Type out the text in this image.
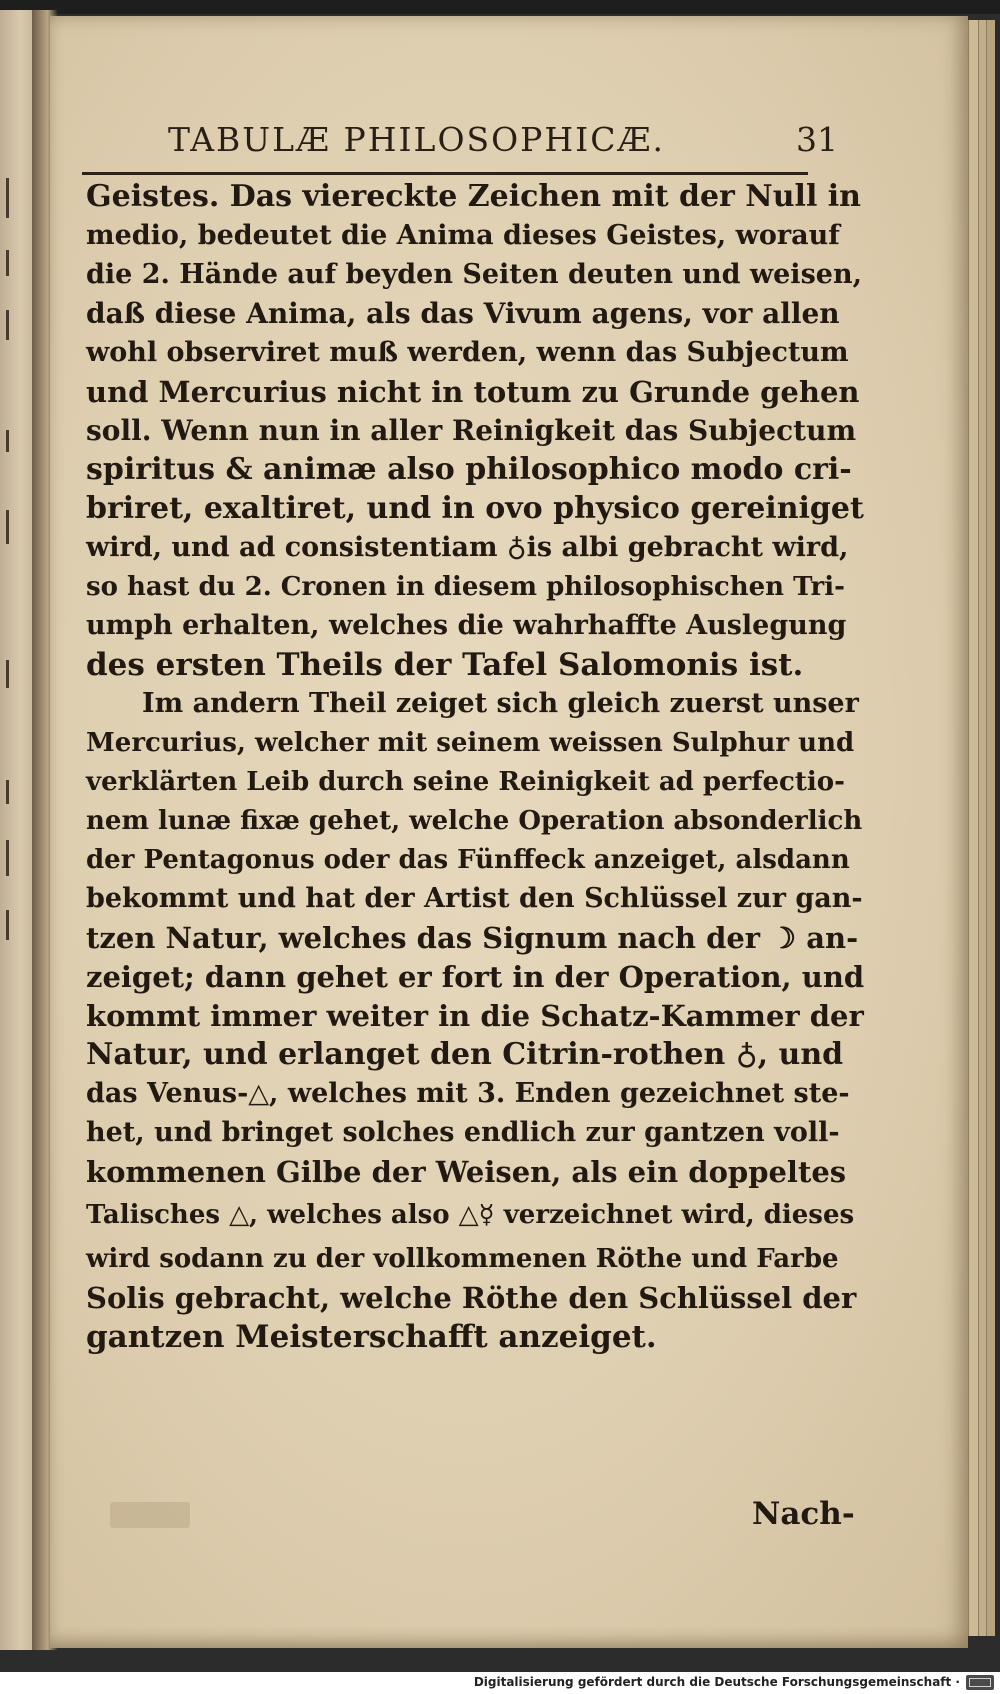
TABULÆ PHILOSOPHICÆ.	31
Geistes. Das viereckte Zeichen mit der Null in
medio, bedeutet die Anima dieses Geistes, worauf
die 2. Hände auf beyden Seiten deuten und weisen,
daß diese Anima, als das Vivum agens, vor allen
wohl observiret muß werden, wenn das Subjectum
und Mercurius nicht in totum zu Grunde gehen
soll. Wenn nun in aller Reinigkeit das Subjectum
spiritus & animæ also philosophico modo cri-
briret, exaltiret, und in ovo physico gereiniget
wird, und ad consistentiam ♁is albi gebracht wird,
so hast du 2. Cronen in diesem philosophischen Tri-
umph erhalten, welches die wahrhaffte Auslegung
des ersten Theils der Tafel Salomonis ist.
Im andern Theil zeiget sich gleich zuerst unser
Mercurius, welcher mit seinem weissen Sulphur und
verklärten Leib durch seine Reinigkeit ad perfectio-
nem lunæ fixæ gehet, welche Operation absonderlich
der Pentagonus oder das Fünffeck anzeiget, alsdann
bekommt und hat der Artist den Schlüssel zur gan-
tzen Natur, welches das Signum nach der ☽ an-
zeiget; dann gehet er fort in der Operation, und
kommt immer weiter in die Schatz-Kammer der
Natur, und erlanget den Citrin-rothen ♁, und
das Venus-△, welches mit 3. Enden gezeichnet ste-
het, und bringet solches endlich zur gantzen voll-
kommenen Gilbe der Weisen, als ein doppeltes
Talisches △, welches also △☿ verzeichnet wird, dieses
wird sodann zu der vollkommenen Röthe und Farbe
Solis gebracht, welche Röthe den Schlüssel der
gantzen Meisterschafft anzeiget.
Nach-
Digitalisierung gefördert durch die Deutsche Forschungsgemeinschaft ·
